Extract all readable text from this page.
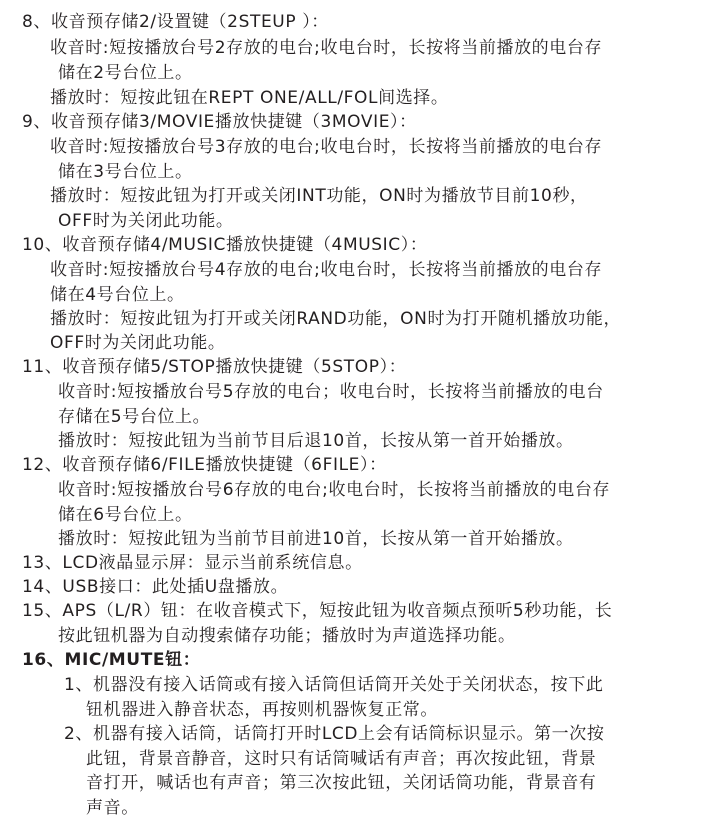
8、收音预存储2/设置键（2STEUP ）：
收音时:短按播放台号2存放的电台;收电台时，长按将当前播放的电台存
储在2号台位上。
播放时：短按此钮在REPT ONE/ALL/FOL间选择。
9、收音预存储3/MOVIE播放快捷键（3MOVIE）：
收音时:短按播放台号3存放的电台;收电台时，长按将当前播放的电台存
储在3号台位上。
播放时：短按此钮为打开或关闭INT功能，ON时为播放节目前10秒，
OFF时为关闭此功能。
10、收音预存储4/MUSIC播放快捷键（4MUSIC）：
收音时:短按播放台号4存放的电台;收电台时，长按将当前播放的电台存
储在4号台位上。
播放时：短按此钮为打开或关闭RAND功能，ON时为打开随机播放功能，
OFF时为关闭此功能。
11、收音预存储5/STOP播放快捷键（5STOP）：
收音时:短按播放台号5存放的电台；收电台时，长按将当前播放的电台
存储在5号台位上。
播放时：短按此钮为当前节目后退10首，长按从第一首开始播放。
12、收音预存储6/FILE播放快捷键（6FILE）：
收音时:短按播放台号6存放的电台;收电台时，长按将当前播放的电台存
储在6号台位上。
播放时：短按此钮为当前节目前进10首，长按从第一首开始播放。
13、LCD液晶显示屏：显示当前系统信息。
14、USB接口：此处插U盘播放。
15、APS（L/R）钮：在收音模式下，短按此钮为收音频点预听5秒功能，长
按此钮机器为自动搜索储存功能；播放时为声道选择功能。
16、MIC/MUTE钮：
1、机器没有接入话筒或有接入话筒但话筒开关处于关闭状态，按下此
钮机器进入静音状态，再按则机器恢复正常。
2、机器有接入话筒，话筒打开时LCD上会有话筒标识显示。第一次按
此钮，背景音静音，这时只有话筒喊话有声音；再次按此钮，背景
音打开，喊话也有声音；第三次按此钮，关闭话筒功能，背景音有
声音。
